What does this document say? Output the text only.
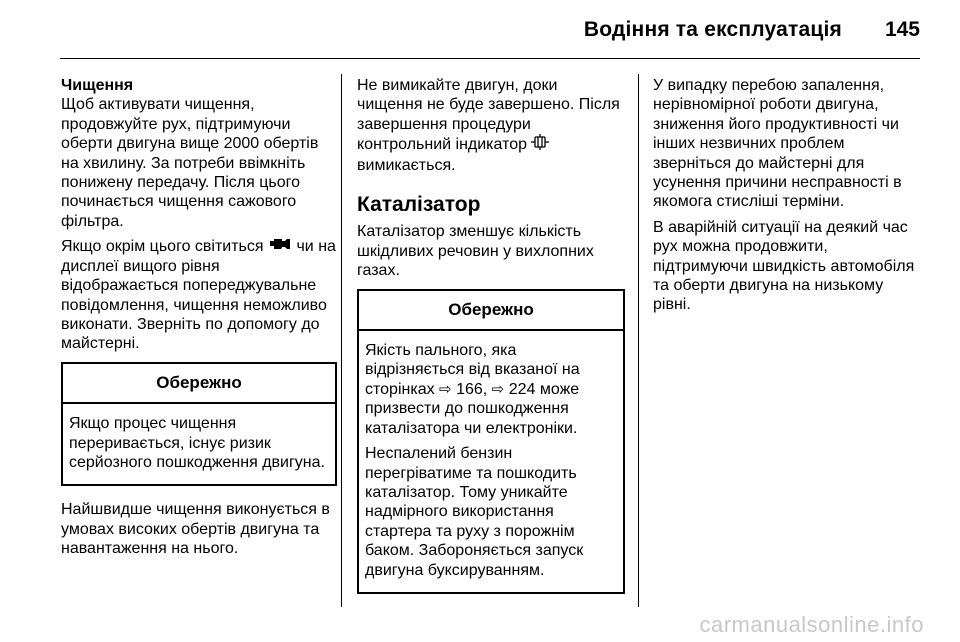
Водіння та експлуатація 145
Чищення

Щоб активувати чищення, продовжуйте рух, підтримуючи оберти двигуна вище 2000 обертів на хвилину. За потреби ввімкніть понижену передачу. Після цього починається чищення сажового фільтра.

Якщо окрім цього світиться чи на дисплеї вищого рівня відображається попереджувальне повідомлення, чищення неможливо виконати. Зверніть по допомогу до майстерні.

Обережно

Якщо процес чищення переривається, існує ризик серйозного пошкодження двигуна.

Найшвидше чищення виконується в умовах високих обертів двигуна та навантаження на нього.

Не вимикайте двигун, доки чищення не буде завершено. Після завершення процедури контрольний індикатор  вимикається.

Каталізатор

Каталізатор зменшує кількість шкідливих речовин у вихлопних газах.

Обережно

Якість пального, яка відрізняється від вказаної на сторінках ⇨ 166, ⇨ 224 може призвести до пошкодження каталізатора чи електроніки.

Неспалений бензин перегріватиме та пошкодить каталізатор. Тому уникайте надмірного використання стартера та руху з порожнім баком. Забороняється запуск двигуна буксируванням.

У випадку перебою запалення, нерівномірної роботи двигуна, зниження його продуктивності чи інших незвичних проблем зверніться до майстерні для усунення причини несправності в якомога стисліші терміни.

В аварійній ситуації на деякий час рух можна продовжити, підтримуючи швидкість автомобіля та оберти двигуна на низькому рівні.

carmanualsonline.info
